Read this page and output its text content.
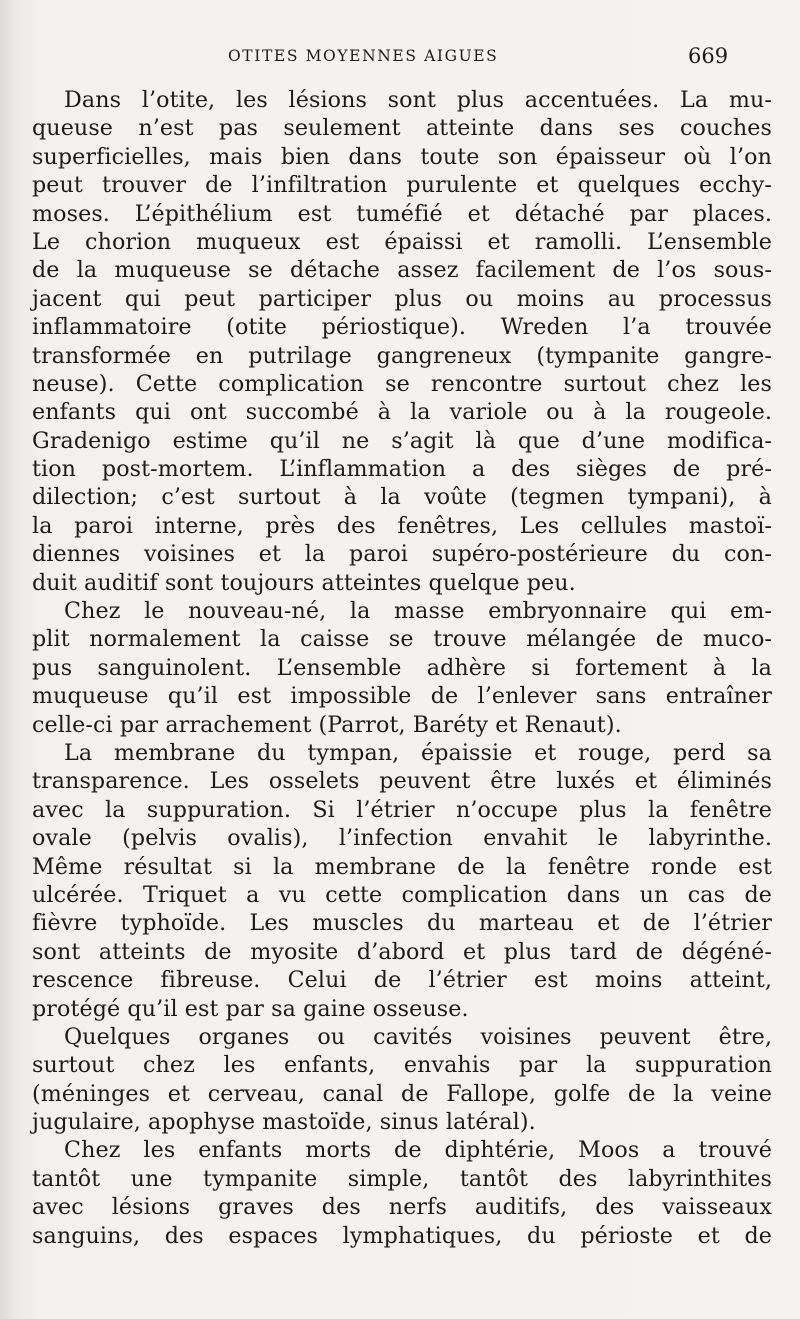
OTITES MOYENNES AIGUES	669
Dans l’otite, les lésions sont plus accentuées. La mu-
queuse n’est pas seulement atteinte dans ses couches
superficielles, mais bien dans toute son épaisseur où l’on
peut trouver de l’infiltration purulente et quelques ecchy-
moses. L’épithélium est tuméfié et détaché par places.
Le chorion muqueux est épaissi et ramolli. L’ensemble
de la muqueuse se détache assez facilement de l’os sous-
jacent qui peut participer plus ou moins au processus
inflammatoire (otite périostique). Wreden l’a trouvée
transformée en putrilage gangreneux (tympanite gangre-
neuse). Cette complication se rencontre surtout chez les
enfants qui ont succombé à la variole ou à la rougeole.
Gradenigo estime qu’il ne s’agit là que d’une modifica-
tion post-mortem. L’inflammation a des sièges de pré-
dilection; c’est surtout à la voûte (tegmen tympani), à
la paroi interne, près des fenêtres, Les cellules mastoï-
diennes voisines et la paroi supéro-postérieure du con-
duit auditif sont toujours atteintes quelque peu.
Chez le nouveau-né, la masse embryonnaire qui em-
plit normalement la caisse se trouve mélangée de muco-
pus sanguinolent. L’ensemble adhère si fortement à la
muqueuse qu’il est impossible de l’enlever sans entraîner
celle-ci par arrachement (Parrot, Baréty et Renaut).
La membrane du tympan, épaissie et rouge, perd sa
transparence. Les osselets peuvent être luxés et éliminés
avec la suppuration. Si l’étrier n’occupe plus la fenêtre
ovale (pelvis ovalis), l’infection envahit le labyrinthe.
Même résultat si la membrane de la fenêtre ronde est
ulcérée. Triquet a vu cette complication dans un cas de
fièvre typhoïde. Les muscles du marteau et de l’étrier
sont atteints de myosite d’abord et plus tard de dégéné-
rescence fibreuse. Celui de l’étrier est moins atteint,
protégé qu’il est par sa gaine osseuse.
Quelques organes ou cavités voisines peuvent être,
surtout chez les enfants, envahis par la suppuration
(méninges et cerveau, canal de Fallope, golfe de la veine
jugulaire, apophyse mastoïde, sinus latéral).
Chez les enfants morts de diphtérie, Moos a trouvé
tantôt une tympanite simple, tantôt des labyrinthites
avec lésions graves des nerfs auditifs, des vaisseaux
sanguins, des espaces lymphatiques, du périoste et de
